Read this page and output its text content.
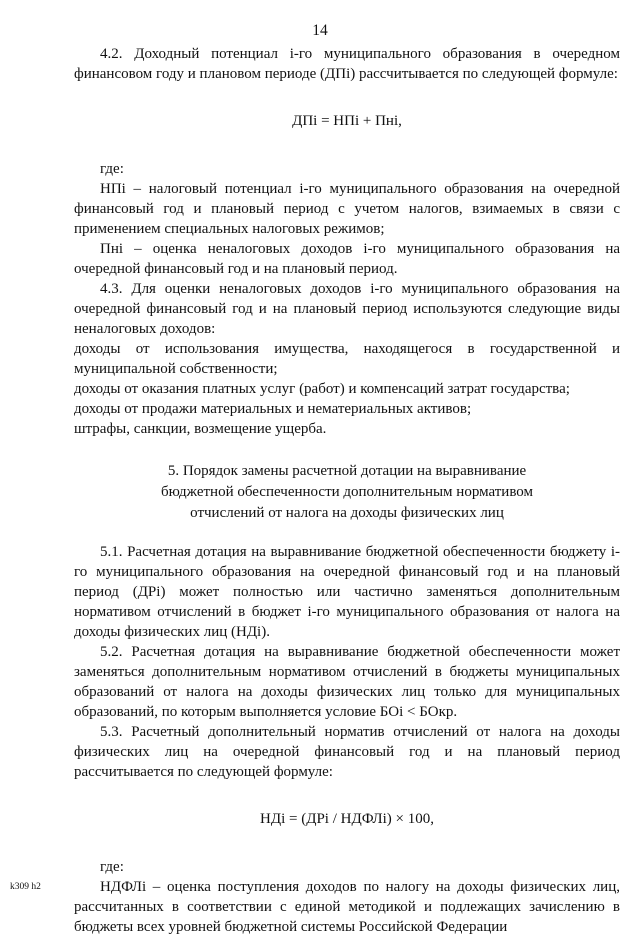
14

4.2. Доходный потенциал i-го муниципального образования в очередном финансовом году и плановом периоде (ДПi) рассчитывается по следующей формуле:

ДПi = НПi + Пнi,

где:

НПi – налоговый потенциал i-го муниципального образования на очередной финансовый год и плановый период с учетом налогов, взимаемых в связи с применением специальных налоговых режимов;

Пнi – оценка неналоговых доходов i-го муниципального образования на очередной финансовый год и на плановый период.

4.3. Для оценки неналоговых доходов i-го муниципального образования на очередной финансовый год и на плановый период используются следующие виды неналоговых доходов:

доходы от использования имущества, находящегося в государственной и муниципальной собственности;

доходы от оказания платных услуг (работ) и компенсаций затрат государства;

доходы от продажи материальных и нематериальных активов;

штрафы, санкции, возмещение ущерба.

5. Порядок замены расчетной дотации на выравнивание
бюджетной обеспеченности дополнительным нормативом
отчислений от налога на доходы физических лиц

5.1. Расчетная дотация на выравнивание бюджетной обеспеченности бюджету i-го муниципального образования на очередной финансовый год и на плановый период (ДРi) может полностью или частично заменяться дополнительным нормативом отчислений в бюджет i-го муниципального образования от налога на доходы физических лиц (НДi).

5.2. Расчетная дотация на выравнивание бюджетной обеспеченности может заменяться дополнительным нормативом отчислений в бюджеты муниципальных образований от налога на доходы физических лиц только для муниципальных образований, по которым выполняется условие БОi < БОкр.

5.3. Расчетный дополнительный норматив отчислений от налога на доходы физических лиц на очередной финансовый год и на плановый период рассчитывается по следующей формуле:

НДi = (ДРi / НДФЛi) × 100,

где:

НДФЛi – оценка поступления доходов по налогу на доходы физических лиц, рассчитанных в соответствии с единой методикой и подлежащих зачислению в бюджеты всех уровней бюджетной системы Российской Федерации

k309 h2
